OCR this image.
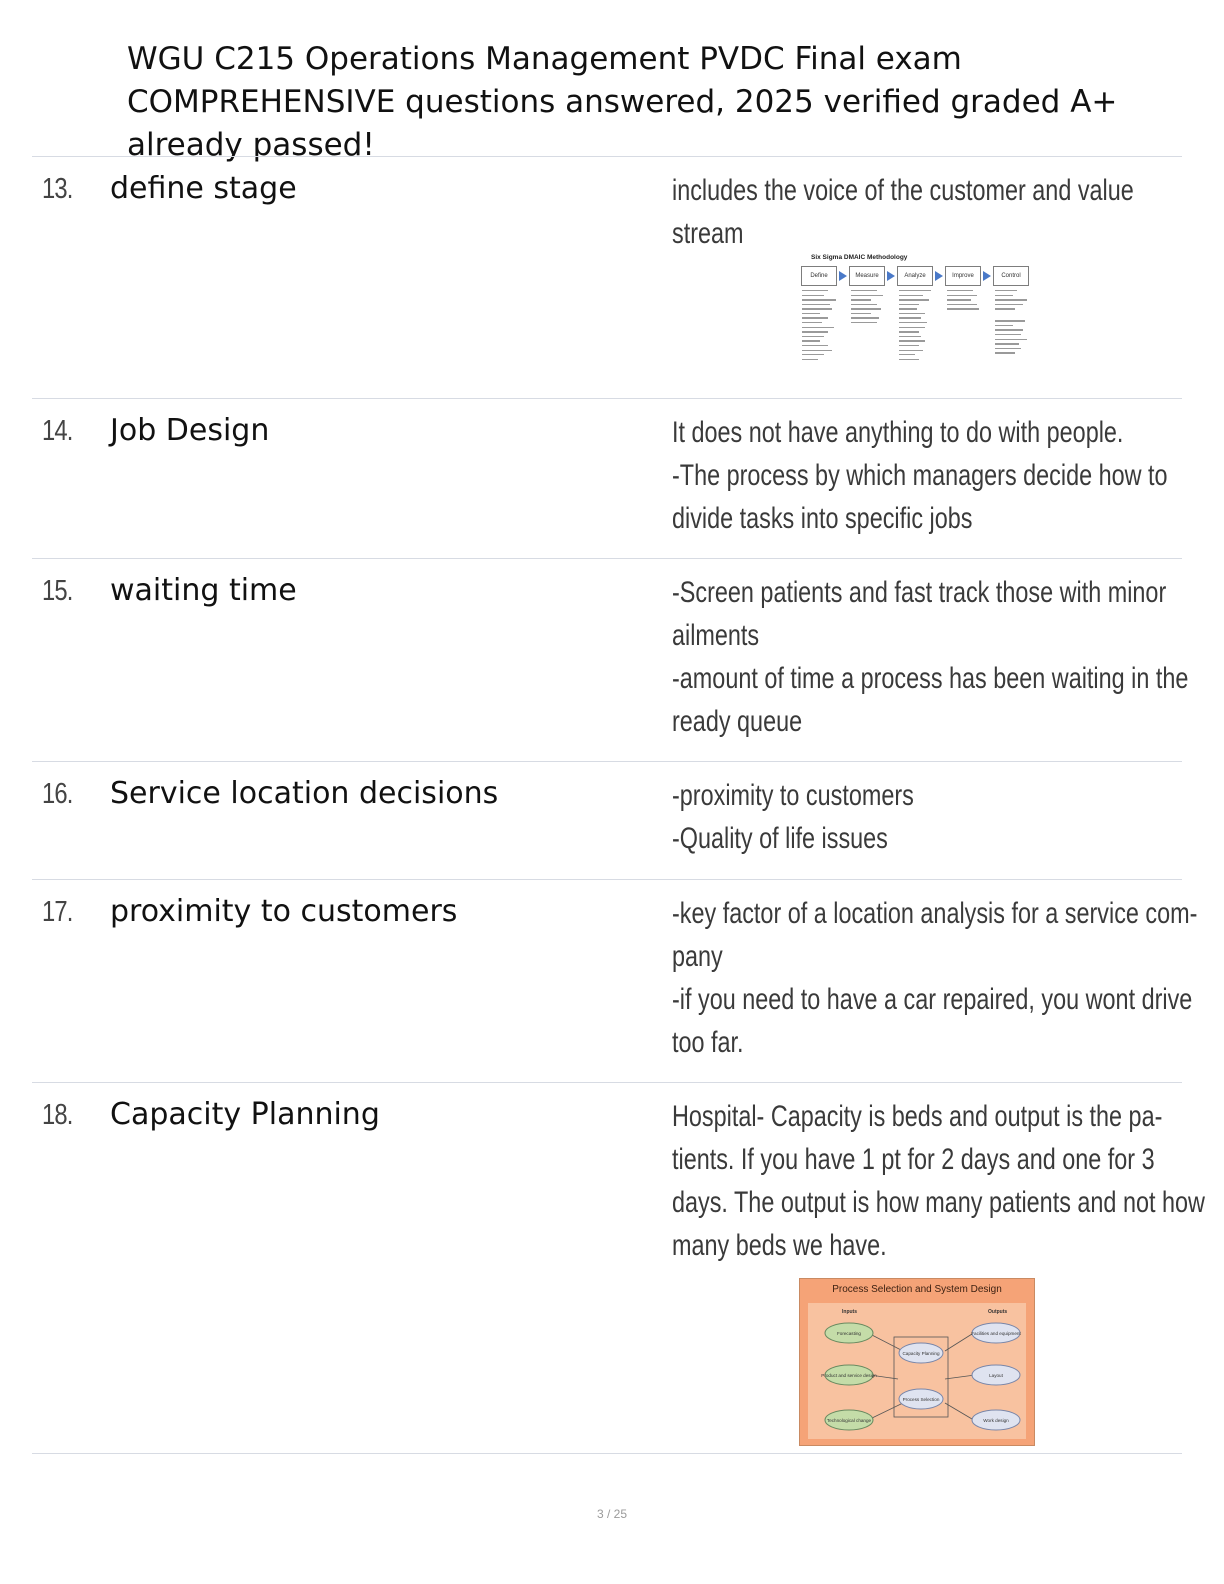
WGU C215 Operations Management PVDC Final exam   COMPREHENSIVE questions answered, 2025 verified graded A+ already passed!
13. define stage	includes the voice of the customer and value
stream
Six Sigma DMAIC Methodology
Define	Measure	Analyze	Improve	Control
14. Job Design	It does not have anything to do with people.
-The process by which managers decide how to
divide tasks into specific jobs
15. waiting time	-Screen patients and fast track those with minor
ailments
-amount of time a process has been waiting in the
ready queue
16. Service location decisions	-proximity to customers
-Quality of life issues
17. proximity to customers	-key factor of a location analysis for a service com-
pany
-if you need to have a car repaired, you wont drive
too far.
18. Capacity Planning	Hospital- Capacity is beds and output is the pa-
tients. If you have 1 pt for 2 days and one for 3
days. The output is how many patients and not how
many beds we have.
Process Selection and System Design
Inputs	Outputs
Forecasting
Product and service design
Technological change
Capacity Planning
Process Selection
Facilities and equipment
Layout
Work design
3 / 25
